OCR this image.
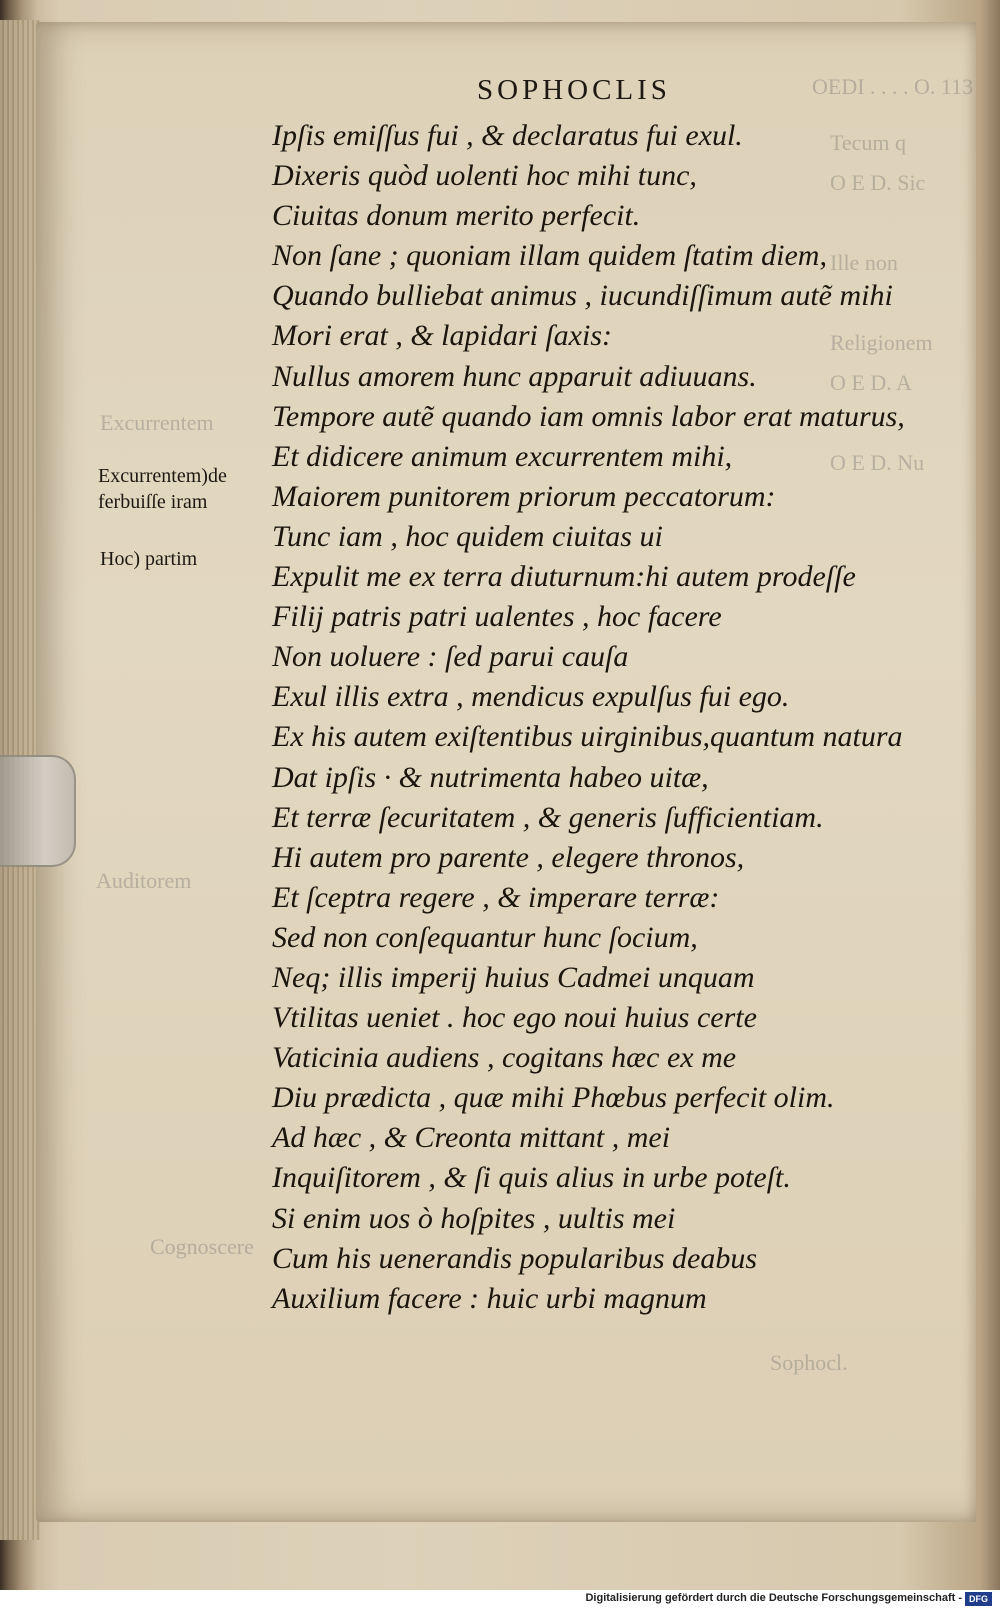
OEDI . . . . O. 113
Tecum q
O E D. Sic
Ille non
Religionem
O E D. A
O E D. Nu
Excurrentem
Auditorem
Cognoscere
Sophocl.
SOPHOCLIS
Ipſis emiſſus fui , & declaratus fui exul.
Dixeris quòd uolenti hoc mihi tunc,
Ciuitas donum merito perfecit.
Non ſane ; quoniam illam quidem ſtatim diem,
Quando bulliebat animus , iucundiſſimum autẽ mihi
Mori erat , & lapidari ſaxis:
Nullus amorem hunc apparuit adiuuans.
Tempore autẽ quando iam omnis labor erat maturus,
Et didicere animum excurrentem mihi,
Maiorem punitorem priorum peccatorum:
Tunc iam , hoc quidem ciuitas ui
Expulit me ex terra diuturnum:hi autem prodeſſe
Filij patris patri ualentes , hoc facere
Non uoluere : ſed parui cauſa
Exul illis extra , mendicus expulſus fui ego.
Ex his autem exiſtentibus uirginibus,quantum natura
Dat ipſis · & nutrimenta habeo uitæ,
Et terræ ſecuritatem , & generis ſufficientiam.
Hi autem pro parente , elegere thronos,
Et ſceptra regere , & imperare terræ:
Sed non conſequantur hunc ſocium,
Neq; illis imperij huius Cadmei unquam
Vtilitas ueniet . hoc ego noui huius certe
Vaticinia audiens , cogitans hæc ex me
Diu prædicta , quæ mihi Phœbus perfecit olim.
Ad hæc , & Creonta mittant , mei
Inquiſitorem , & ſi quis alius in urbe poteſt.
Si enim uos ò hoſpites , uultis mei
Cum his uenerandis popularibus deabus
Auxilium facere : huic urbi magnum
Excurrentem)de
ferbuiſſe iram
Hoc) partim
Digitalisierung gefördert durch die Deutsche Forschungsgemeinschaft - DFG
